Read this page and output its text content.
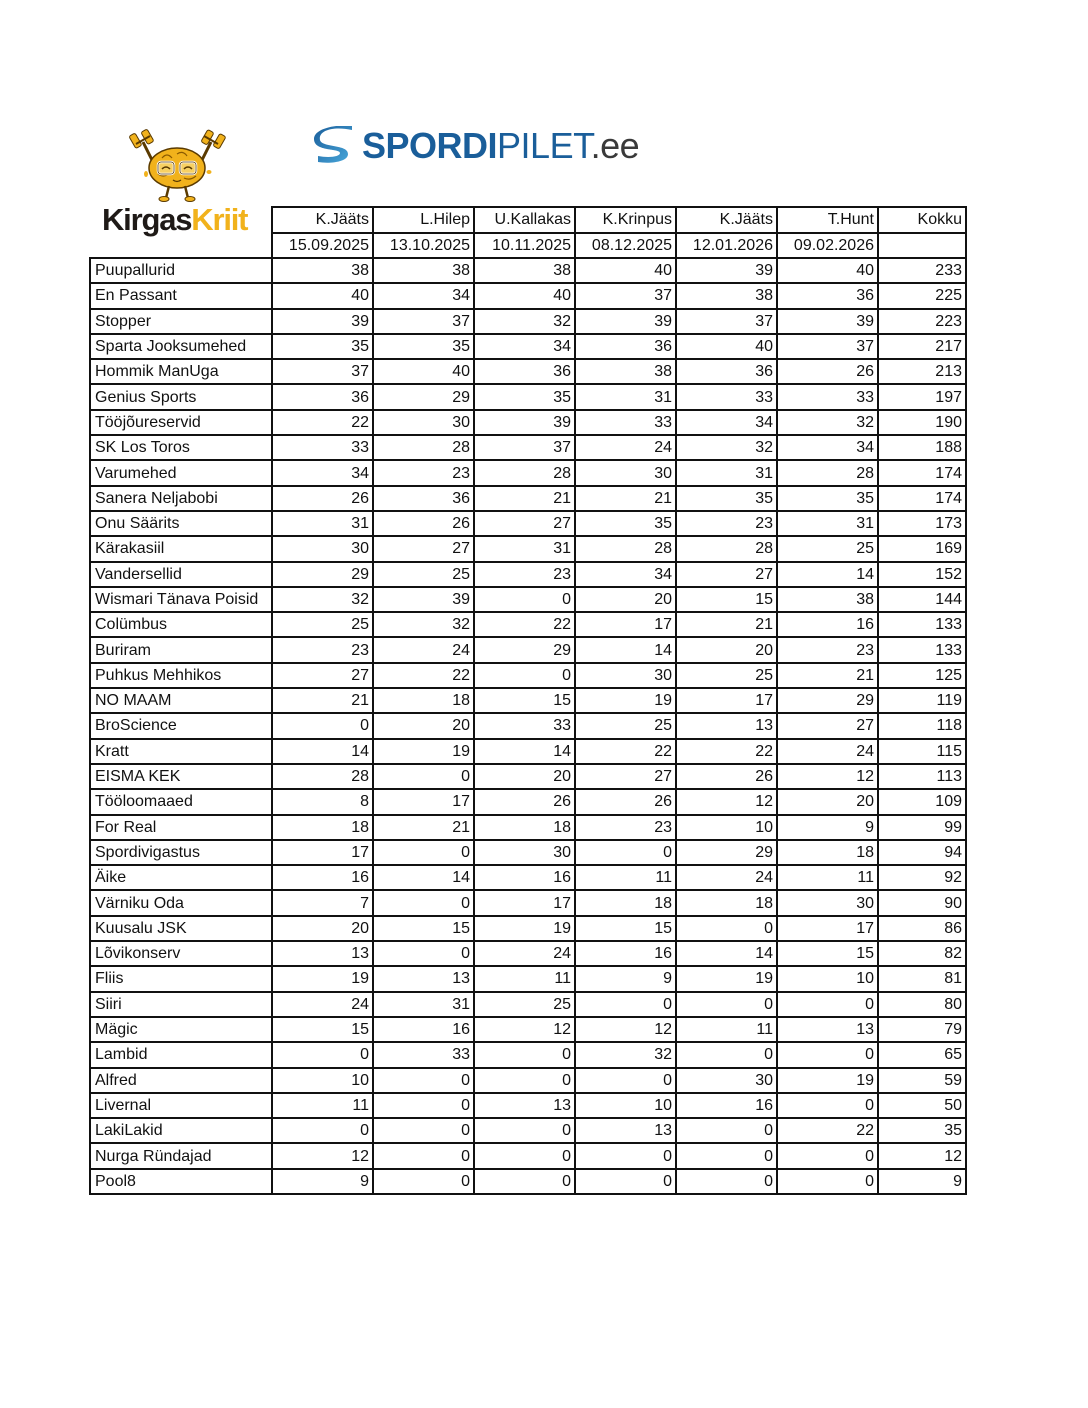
KirgasKriit
SPORDIPILET.ee
	K.Jääts	L.Hilep	U.Kallakas	K.Krinpus	K.Jääts	T.Hunt	Kokku
	15.09.2025	13.10.2025	10.11.2025	08.12.2025	12.01.2026	09.02.2026	
Puupallurid	38	38	38	40	39	40	233
En Passant	40	34	40	37	38	36	225
Stopper	39	37	32	39	37	39	223
Sparta Jooksumehed	35	35	34	36	40	37	217
Hommik ManUga	37	40	36	38	36	26	213
Genius Sports	36	29	35	31	33	33	197
Tööjõureservid	22	30	39	33	34	32	190
SK Los Toros	33	28	37	24	32	34	188
Varumehed	34	23	28	30	31	28	174
Sanera Neljabobi	26	36	21	21	35	35	174
Onu Säärits	31	26	27	35	23	31	173
Kärakasiil	30	27	31	28	28	25	169
Vandersellid	29	25	23	34	27	14	152
Wismari Tänava Poisid	32	39	0	20	15	38	144
Colümbus	25	32	22	17	21	16	133
Buriram	23	24	29	14	20	23	133
Puhkus Mehhikos	27	22	0	30	25	21	125
NO MAAM	21	18	15	19	17	29	119
BroScience	0	20	33	25	13	27	118
Kratt	14	19	14	22	22	24	115
EISMA KEK	28	0	20	27	26	12	113
Tööloomaaed	8	17	26	26	12	20	109
For Real	18	21	18	23	10	9	99
Spordivigastus	17	0	30	0	29	18	94
Äike	16	14	16	11	24	11	92
Värniku Oda	7	0	17	18	18	30	90
Kuusalu JSK	20	15	19	15	0	17	86
Lõvikonserv	13	0	24	16	14	15	82
Fliis	19	13	11	9	19	10	81
Siiri	24	31	25	0	0	0	80
Mägic	15	16	12	12	11	13	79
Lambid	0	33	0	32	0	0	65
Alfred	10	0	0	0	30	19	59
Livernal	11	0	13	10	16	0	50
LakiLakid	0	0	0	13	0	22	35
Nurga Ründajad	12	0	0	0	0	0	12
Pool8	9	0	0	0	0	0	9
